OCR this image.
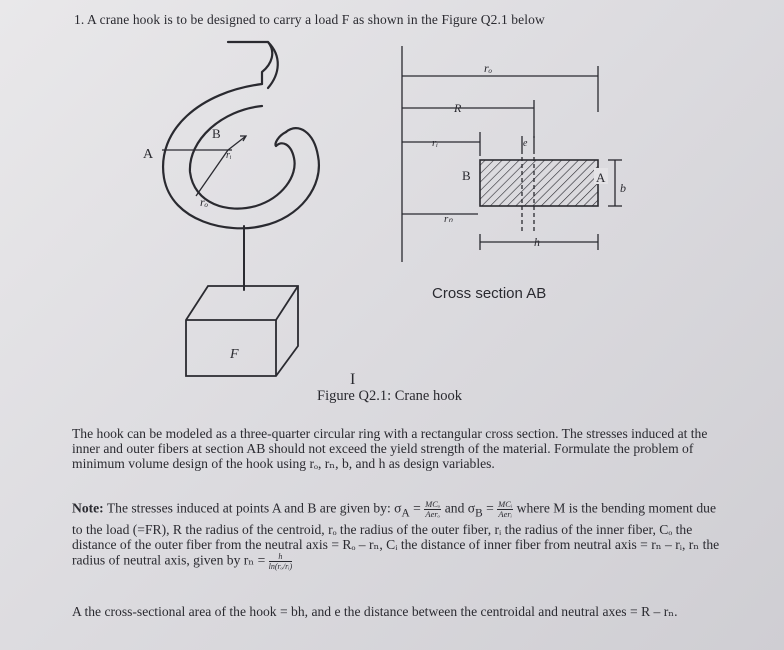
1. A crane hook is to be designed to carry a load F as shown in the Figure Q2.1 below
A
B
rᵢ
rₒ
F
rₒ
R
rᵢ	e
B	A
b
rₙ
h
Cross section AB
I
Figure Q2.1: Crane hook
The hook can be modeled as a three-quarter circular ring with a rectangular cross section. The stresses induced at the inner and outer fibers at section AB should not exceed the yield strength of the material. Formulate the problem of minimum volume design of the hook using rₒ, rₙ, b, and h as design variables.
Note: The stresses induced at points A and B are given by: $\sigma_A = \frac{\text{MCₒ}}{\text{Aerₒ}}$ and $\sigma_B = \frac{\text{MCᵢ}}{\text{Aerᵢ}}$ where M is the bending moment due to the load (=FR), R the radius of the centroid, rₒ the radius of the outer fiber, rᵢ the radius of the inner fiber, Cₒ the distance of the outer fiber from the neutral axis = Rₒ – rₙ, Cᵢ the distance of inner fiber from neutral axis = rₙ – rᵢ, rₙ the radius of neutral axis, given by $r_n = \frac{h}{\text{ln(rₒ/rᵢ)}}$
A the cross-sectional area of the hook = bh, and e the distance between the centroidal and neutral axes = R – rₙ.
